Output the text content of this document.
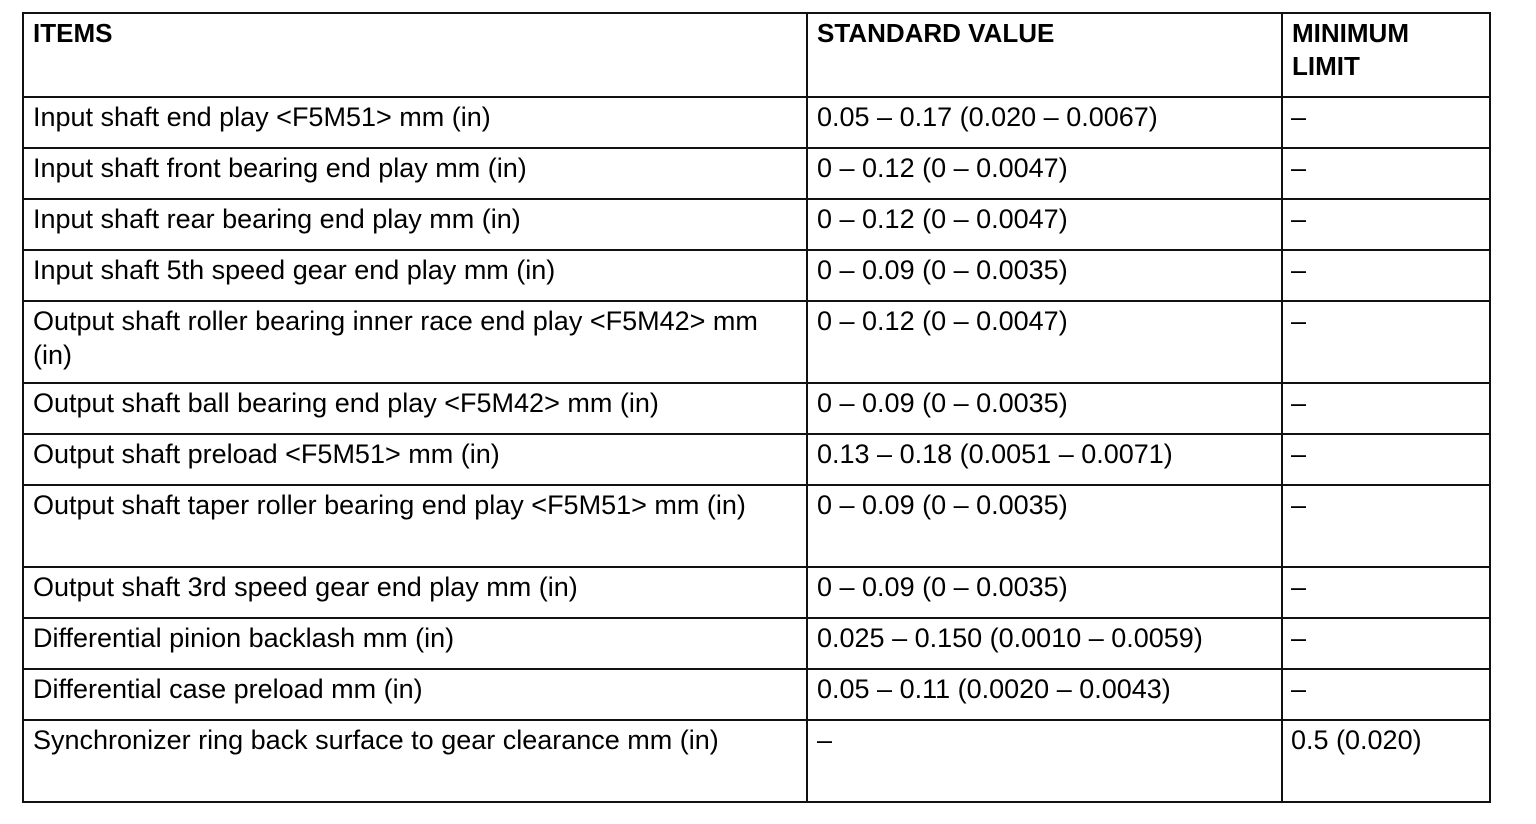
ITEMS	STANDARD VALUE	MINIMUM LIMIT
Input shaft end play <F5M51> mm (in)	0.05 – 0.17 (0.020 – 0.0067)	–
Input shaft front bearing end play mm (in)	0 – 0.12 (0 – 0.0047)	–
Input shaft rear bearing end play mm (in)	0 – 0.12 (0 – 0.0047)	–
Input shaft 5th speed gear end play mm (in)	0 – 0.09 (0 – 0.0035)	–
Output shaft roller bearing inner race end play <F5M42> mm (in)	0 – 0.12 (0 – 0.0047)	–
Output shaft ball bearing end play <F5M42> mm (in)	0 – 0.09 (0 – 0.0035)	–
Output shaft preload <F5M51> mm (in)	0.13 – 0.18 (0.0051 – 0.0071)	–
Output shaft taper roller bearing end play <F5M51> mm (in)	0 – 0.09 (0 – 0.0035)	–
Output shaft 3rd speed gear end play mm (in)	0 – 0.09 (0 – 0.0035)	–
Differential pinion backlash mm (in)	0.025 – 0.150 (0.0010 – 0.0059)	–
Differential case preload mm (in)	0.05 – 0.11 (0.0020 – 0.0043)	–
Synchronizer ring back surface to gear clearance mm (in)	–	0.5 (0.020)
